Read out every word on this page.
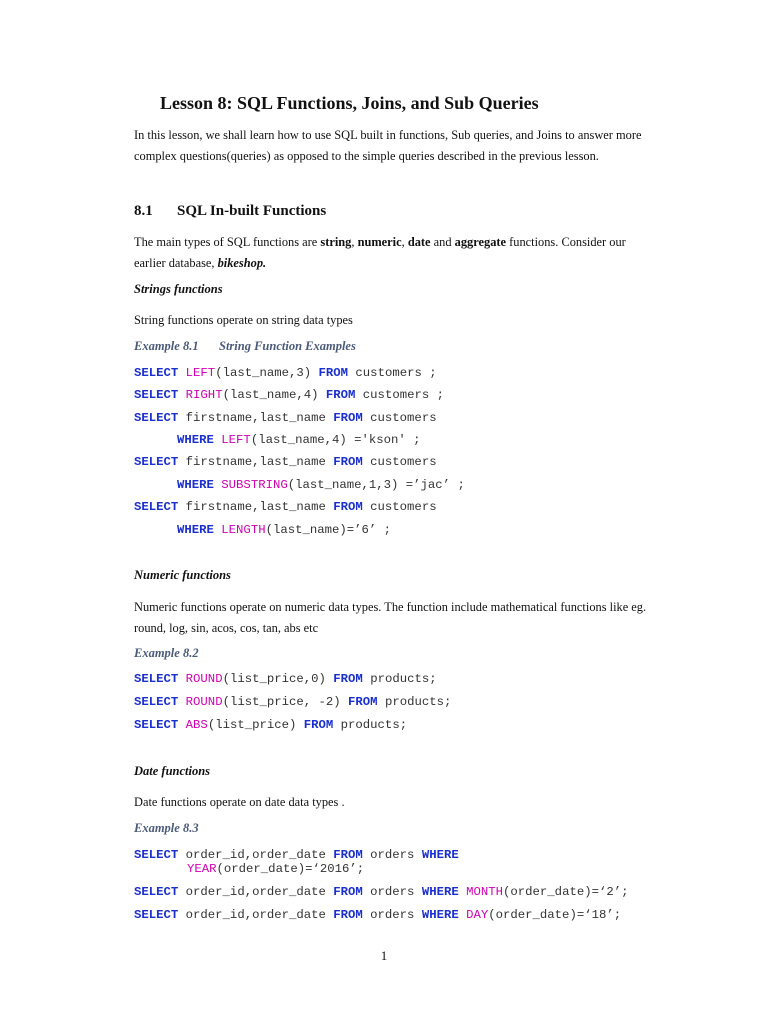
Lesson 8: SQL Functions, Joins, and Sub Queries
In this lesson, we shall learn how to use SQL built in functions, Sub queries, and Joins to answer more complex questions(queries) as opposed to the simple queries described in the previous lesson.
8.1 SQL In-built Functions
The main types of SQL functions are string, numeric, date and aggregate functions. Consider our earlier database, bikeshop.
Strings functions
String functions operate on string data types
Example 8.1 String Function Examples
SELECT LEFT(last_name,3) FROM customers ;
SELECT RIGHT(last_name,4) FROM customers ;
SELECT firstname,last_name FROM customers
WHERE LEFT(last_name,4) ='kson' ;
SELECT firstname,last_name FROM customers
WHERE SUBSTRING(last_name,1,3) =’jac’ ;
SELECT firstname,last_name FROM customers
WHERE LENGTH(last_name)=’6’ ;
Numeric functions
Numeric functions operate on numeric data types. The function include mathematical functions like eg. round, log, sin, acos, cos, tan, abs etc
Example 8.2
SELECT ROUND(list_price,0) FROM products;
SELECT ROUND(list_price, -2) FROM products;
SELECT ABS(list_price) FROM products;
Date functions
Date functions operate on date data types .
Example 8.3
SELECT order_id,order_date FROM orders WHERE
YEAR(order_date)=‘2016’;
SELECT order_id,order_date FROM orders WHERE MONTH(order_date)=‘2’;
SELECT order_id,order_date FROM orders WHERE DAY(order_date)=‘18’;
1
